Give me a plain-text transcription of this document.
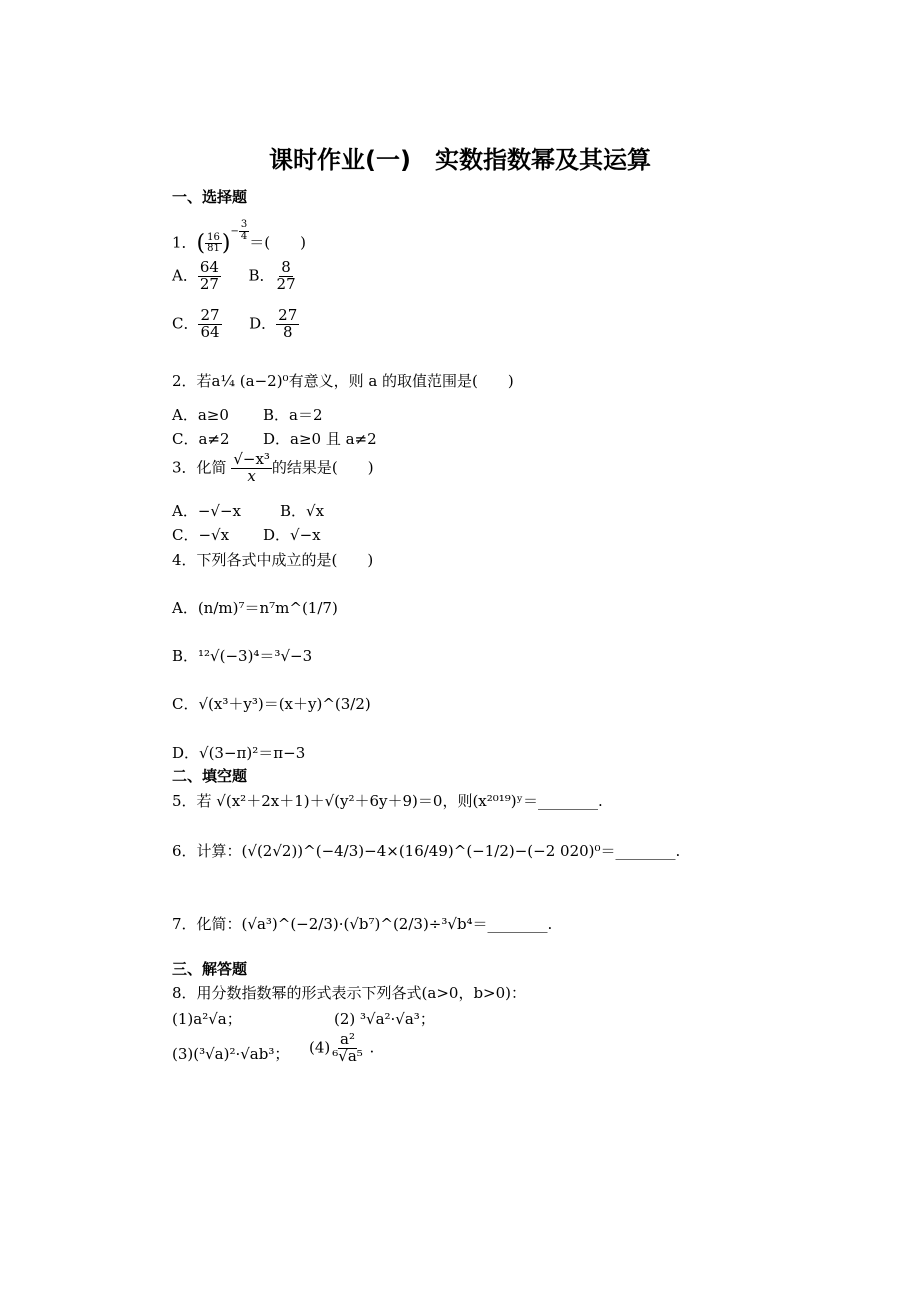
课时作业(一)　实数指数幂及其运算
一、选择题
1．( $\frac{16}{81} )^{- \frac{3}{4}}$
＝(　　)
A． $\frac{64}{27}$ B． $\frac{8}{27}$
C． $\frac{27}{64}$ D． $\frac{27}{8}$
2．若a¼ (a−2)⁰有意义，则 a 的取值范围是(　　)
A．a≥0 B．a＝2
C．a≠2 D．a≥0 且 a≠2
3．化简 $\frac{\text{√−x³}}{x}$ 的结果是(　　)
A．−√−x	B．√x
C．−√x D．√−x
4．下列各式中成立的是(　　)
A．(n/m)⁷＝n⁷m^(1/7)
B．¹²√(−3)⁴＝³√−3
C．√(x³＋y³)＝(x＋y)^(3/2)
D．√(3−π)²＝π−3
二、填空题
5．若 √(x²＋2x＋1)＋√(y²＋6y＋9)＝0，则(x²⁰¹⁹)ʸ＝________.
6．计算：(√(2√2))^(−4/3)−4×(16/49)^(−1/2)−(−2 020)⁰＝________.
7．化简：(√a³)^(−2/3)·(√b⁷)^(2/3)÷³√b⁴＝________.
三、解答题
8．用分数指数幂的形式表示下列各式(a>0，b>0)：
(1)a²√a；	(2) ³√a²·√a³；
(3)(³√a)²·√ab³； $(4) \frac{\text{a²}}{\text{⁶√a⁵}}$ .
